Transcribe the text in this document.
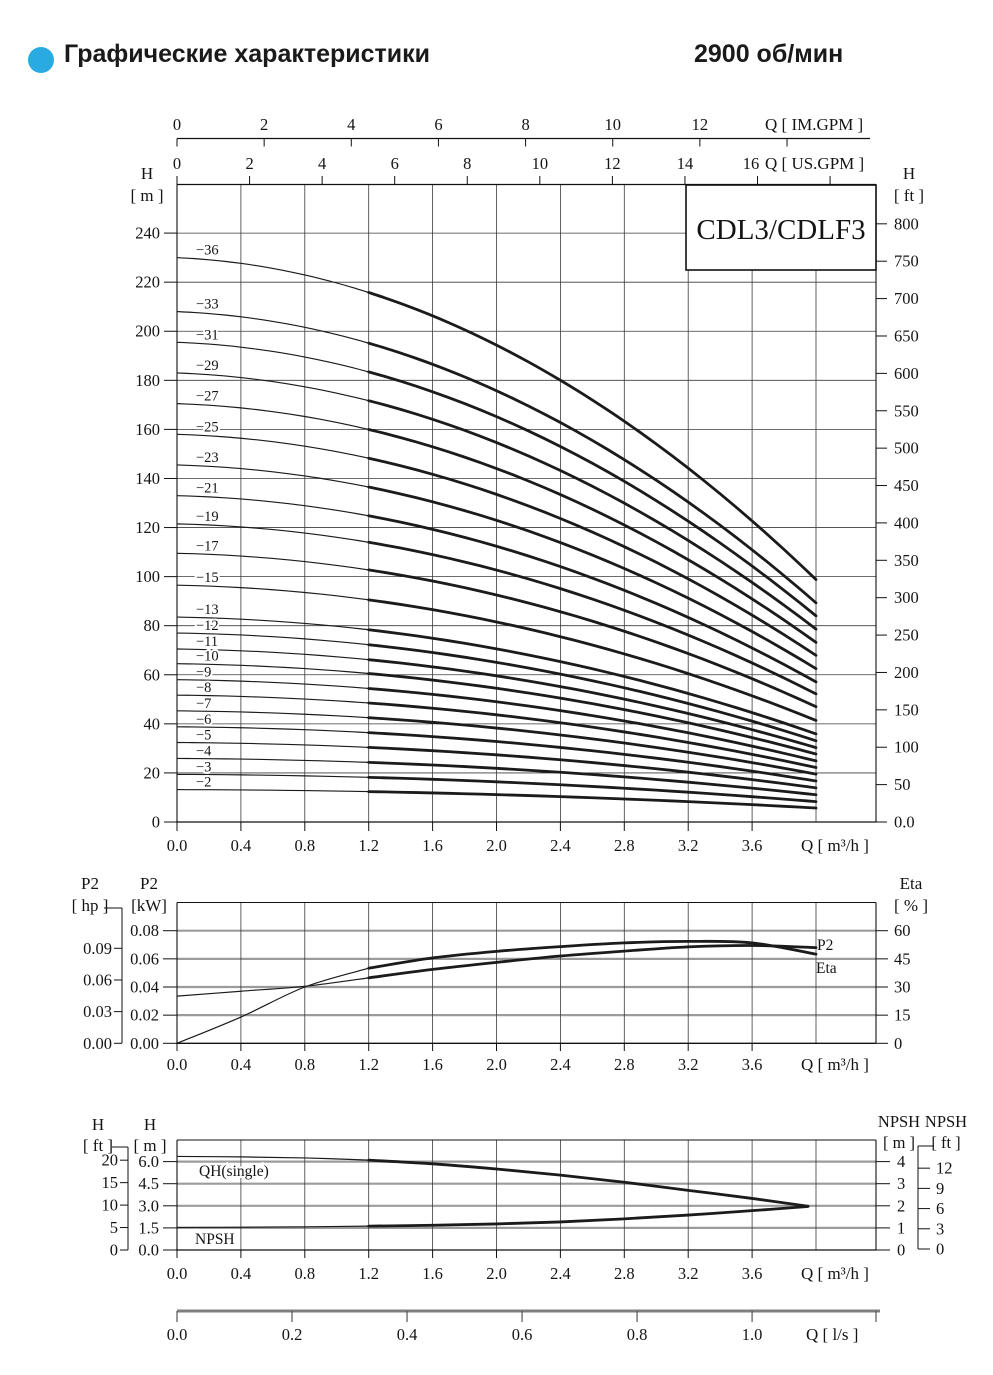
Графические характеристики	2900 об/мин
0	2	4	6	8	10	12	Q [ IM.GPM ]
0	2	4	6	8	10	12	14	16 Q [ US.GPM ]
0
20
40
60
80
100
120
140
160
180
200
220
240
H
[ m ]
800
750
700
650
600
550
500
450
400
350
300
250
200
150
100
50
0.0
H
[ ft ]
0.0	0.4	0.8	1.2	1.6	2.0	2.4	2.8	3.2	3.6 Q [ m³/h ]
−36
−33
−31
−29
−27
−25
−23
−21
−19
−17
−15
−13
−12
−11
−10
−9
−8
−7
−6
−5
−4
−3
−2
CDL3/CDLF3
0.00
0.02
0.04
0.06
0.08
P2
[kW]
0.00
0.03
0.06
0.09
P2
[ hp ]
0
15
30
45
60
Eta
[ % ]
0.0	0.4	0.8	1.2	1.6	2.0	2.4	2.8	3.2	3.6 Q [ m³/h ]
P2
Eta
0.0
1.5
3.0
4.5
6.0
H
[ m ]
0
5
10
15
20
H
[ ft ]
0
1
2
3
4
NPSH
[ m ]
0
3
6
9
12
NPSH
[ ft ]
0.0	0.4	0.8	1.2	1.6	2.0	2.4	2.8	3.2	3.6 Q [ m³/h ]
QH(single)
NPSH
0.0	0.2	0.4	0.6	0.8	1.0	Q [ l/s ]
